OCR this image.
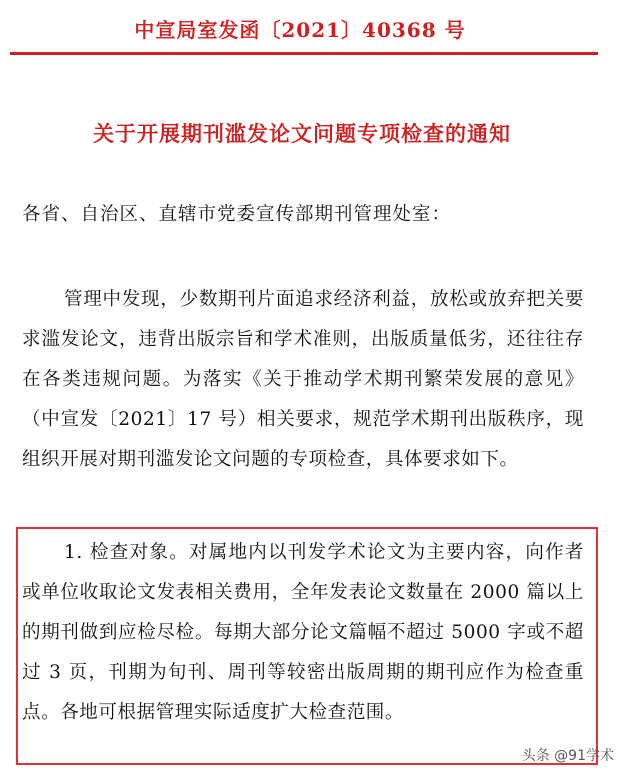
中宣局室发函〔2021〕40368 号
关于开展期刊滥发论文问题专项检查的通知
各省、自治区、直辖市党委宣传部期刊管理处室：
管理中发现，少数期刊片面追求经济利益，放松或放弃把关要求滥发论文，违背出版宗旨和学术准则，出版质量低劣，还往往存在各类违规问题。为落实《关于推动学术期刊繁荣发展的意见》（中宣发〔2021〕17 号）相关要求，规范学术期刊出版秩序，现组织开展对期刊滥发论文问题的专项检查，具体要求如下。
1. 检查对象。对属地内以刊发学术论文为主要内容，向作者或单位收取论文发表相关费用，全年发表论文数量在 2000 篇以上的期刊做到应检尽检。每期大部分论文篇幅不超过 5000 字或不超过 3 页，刊期为旬刊、周刊等较密出版周期的期刊应作为检查重点。各地可根据管理实际适度扩大检查范围。
头条 @91学术
